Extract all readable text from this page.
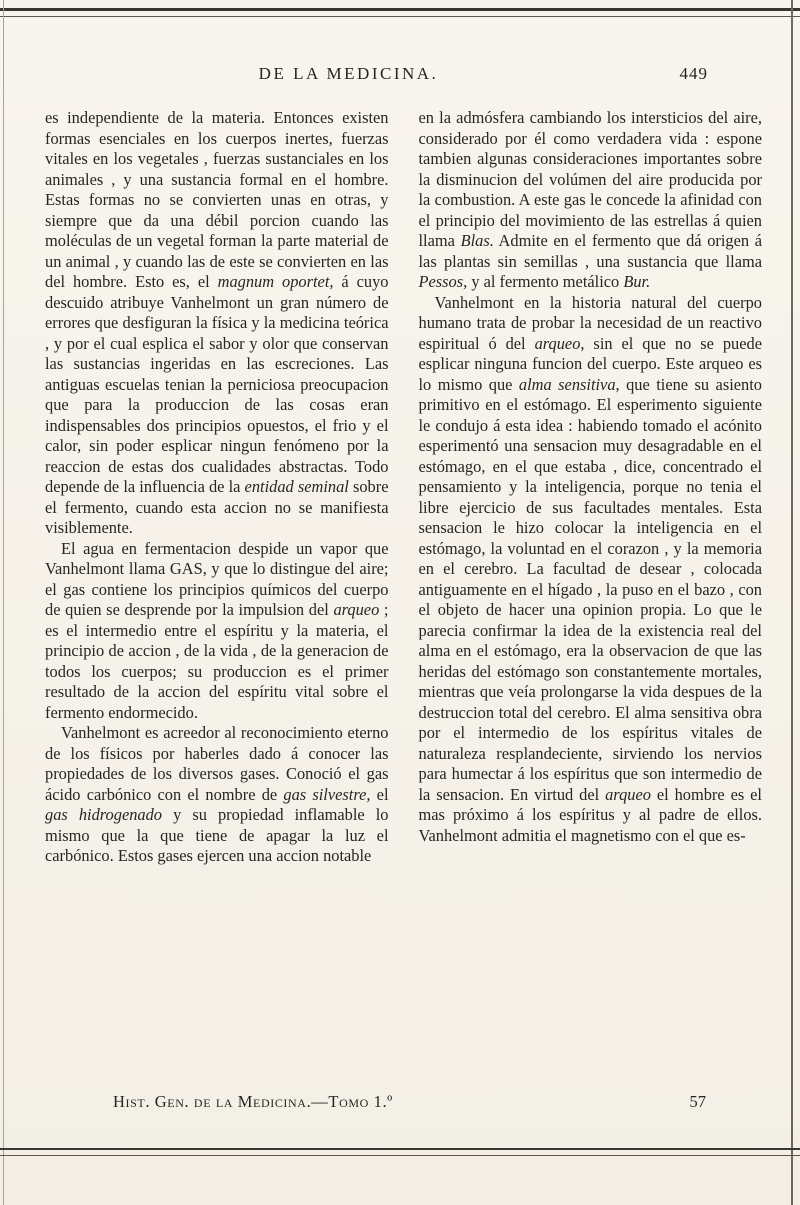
DE LA MEDICINA.	449

es independiente de la materia. Entonces existen formas esenciales en los cuerpos inertes, fuerzas vitales en los vegetales , fuerzas sustanciales en los animales , y una sustancia formal en el hombre. Estas formas no se convierten unas en otras, y siempre que da una débil porcion cuando las moléculas de un vegetal forman la parte material de un animal , y cuando las de este se convierten en las del hombre. Esto es, el magnum oportet, á cuyo descuido atribuye Vanhelmont un gran número de errores que desfiguran la física y la medicina teórica , y por el cual esplica el sabor y olor que conservan las sustancias ingeridas en las escreciones. Las antiguas escuelas tenian la perniciosa preocupacion que para la produccion de las cosas eran indispensables dos principios opuestos, el frio y el calor, sin poder esplicar ningun fenómeno por la reaccion de estas dos cualidades abstractas. Todo depende de la influencia de la entidad seminal sobre el fermento, cuando esta accion no se manifiesta visiblemente.

El agua en fermentacion despide un vapor que Vanhelmont llama GAS, y que lo distingue del aire; el gas contiene los principios químicos del cuerpo de quien se desprende por la impulsion del arqueo ; es el intermedio entre el espíritu y la materia, el principio de accion , de la vida , de la generacion de todos los cuerpos; su produccion es el primer resultado de la accion del espíritu vital sobre el fermento endormecido.

Vanhelmont es acreedor al reconocimiento eterno de los físicos por haberles dado á conocer las propiedades de los diversos gases. Conoció el gas ácido carbónico con el nombre de gas silvestre, el gas hidrogenado y su propiedad inflamable lo mismo que la que tiene de apagar la luz el carbónico. Estos gases ejercen una accion notable

en la admósfera cambiando los intersticios del aire, considerado por él como verdadera vida : espone tambien algunas consideraciones importantes sobre la disminucion del volúmen del aire producida por la combustion. A este gas le concede la afinidad con el principio del movimiento de las estrellas á quien llama Blas. Admite en el fermento que dá origen á las plantas sin semillas , una sustancia que llama Pessos, y al fermento metálico Bur.

Vanhelmont en la historia natural del cuerpo humano trata de probar la necesidad de un reactivo espiritual ó del arqueo, sin el que no se puede esplicar ninguna funcion del cuerpo. Este arqueo es lo mismo que alma sensitiva, que tiene su asiento primitivo en el estómago. El esperimento siguiente le condujo á esta idea : habiendo tomado el acónito esperimentó una sensacion muy desagradable en el estómago, en el que estaba , dice, concentrado el pensamiento y la inteligencia, porque no tenia el libre ejercicio de sus facultades mentales. Esta sensacion le hizo colocar la inteligencia en el estómago, la voluntad en el corazon , y la memoria en el cerebro. La facultad de desear , colocada antiguamente en el hígado , la puso en el bazo , con el objeto de hacer una opinion propia. Lo que le parecia confirmar la idea de la existencia real del alma en el estómago, era la observacion de que las heridas del estómago son constantemente mortales, mientras que veía prolongarse la vida despues de la destruccion total del cerebro. El alma sensitiva obra por el intermedio de los espíritus vitales de naturaleza resplandeciente, sirviendo los nervios para humectar á los espíritus que son intermedio de la sensacion. En virtud del arqueo el hombre es el mas próximo á los espíritus y al padre de ellos. Vanhelmont admitia el magnetismo con el que es-

Hist. Gen. de la Medicina.—Tomo 1.º	57
